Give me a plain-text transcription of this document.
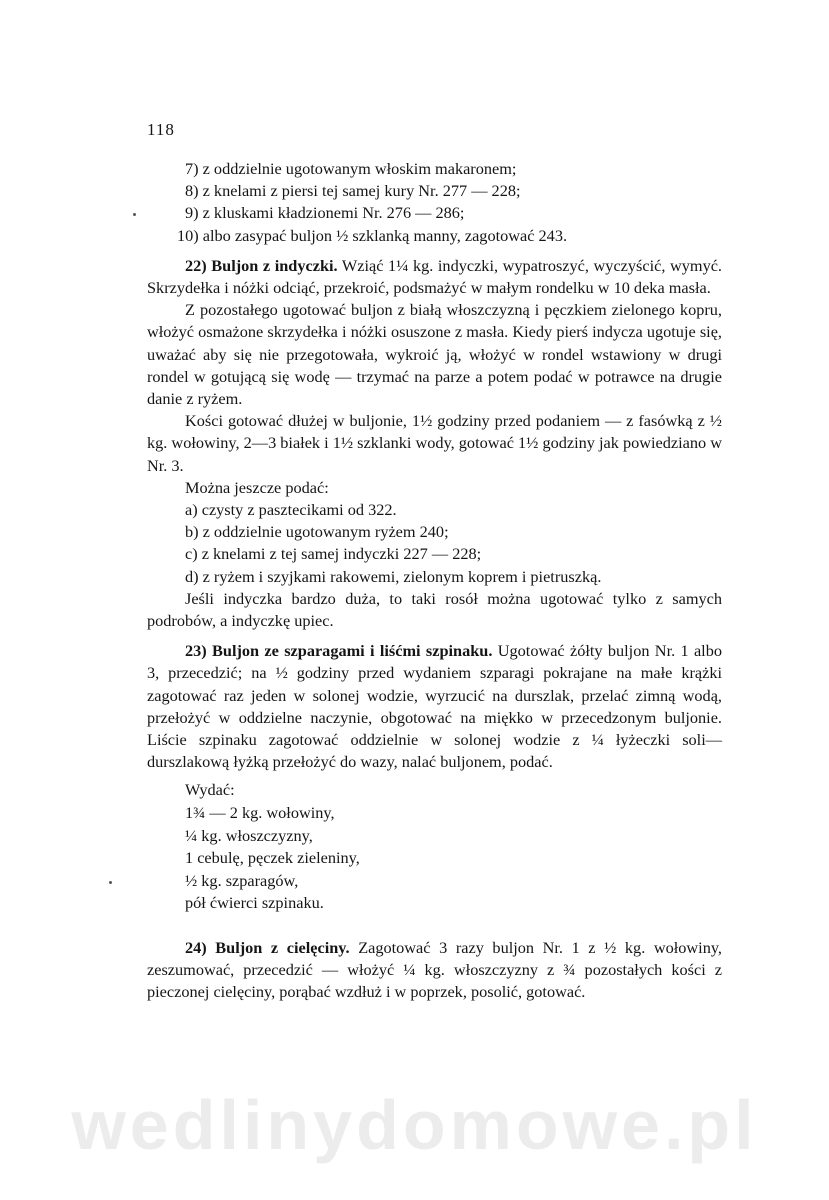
118
7) z oddzielnie ugotowanym włoskim makaronem;
8) z knelami z piersi tej samej kury Nr. 277 — 228;
9) z kluskami kładzionemi Nr. 276 — 286;
10) albo zasypać buljon ½ szklanką manny, zagotować 243.
22) Buljon z indyczki. Wziąć 1¼ kg. indyczki, wypatroszyć, wyczyścić, wymyć. Skrzydełka i nóżki odciąć, przekroić, podsmażyć w małym rondelku w 10 deka masła.
Z pozostałego ugotować buljon z białą włoszczyzną i pęczkiem zielonego kopru, włożyć osmażone skrzydełka i nóżki osuszone z masła. Kiedy pierś indycza ugotuje się, uważać aby się nie przegotowała, wykroić ją, włożyć w rondel wstawiony w drugi rondel w gotującą się wodę — trzymać na parze a potem podać w potrawce na drugie danie z ryżem.
Kości gotować dłużej w buljonie, 1½ godziny przed podaniem — z fasówką z ½ kg. wołowiny, 2—3 białek i 1½ szklanki wody, gotować 1½ godziny jak powiedziano w Nr. 3.
Można jeszcze podać:
a) czysty z pasztecikami od 322.
b) z oddzielnie ugotowanym ryżem 240;
c) z knelami z tej samej indyczki 227 — 228;
d) z ryżem i szyjkami rakowemi, zielonym koprem i pietruszką.
Jeśli indyczka bardzo duża, to taki rosół można ugotować tylko z samych podrobów, a indyczkę upiec.
23) Buljon ze szparagami i liśćmi szpinaku. Ugotować żółty buljon Nr. 1 albo 3, przecedzić; na ½ godziny przed wydaniem szparagi pokrajane na małe krążki zagotować raz jeden w solonej wodzie, wyrzucić na durszlak, przelać zimną wodą, przełożyć w oddzielne naczynie, obgotować na miękko w przecedzonym buljonie. Liście szpinaku zagotować oddzielnie w solonej wodzie z ¼ łyżeczki soli—durszlakową łyżką przełożyć do wazy, nalać buljonem, podać.
Wydać:
1¾ — 2 kg. wołowiny,
¼ kg. włoszczyzny,
1 cebulę, pęczek zieleniny,
½ kg. szparagów,
pół ćwierci szpinaku.
24) Buljon z cielęciny. Zagotować 3 razy buljon Nr. 1 z ½ kg. wołowiny, zeszumować, przecedzić — włożyć ¼ kg. włoszczyzny z ¾ pozostałych kości z pieczonej cielęciny, porąbać wzdłuż i w poprzek, posolić, gotować.
wedlinydomowe.pl
